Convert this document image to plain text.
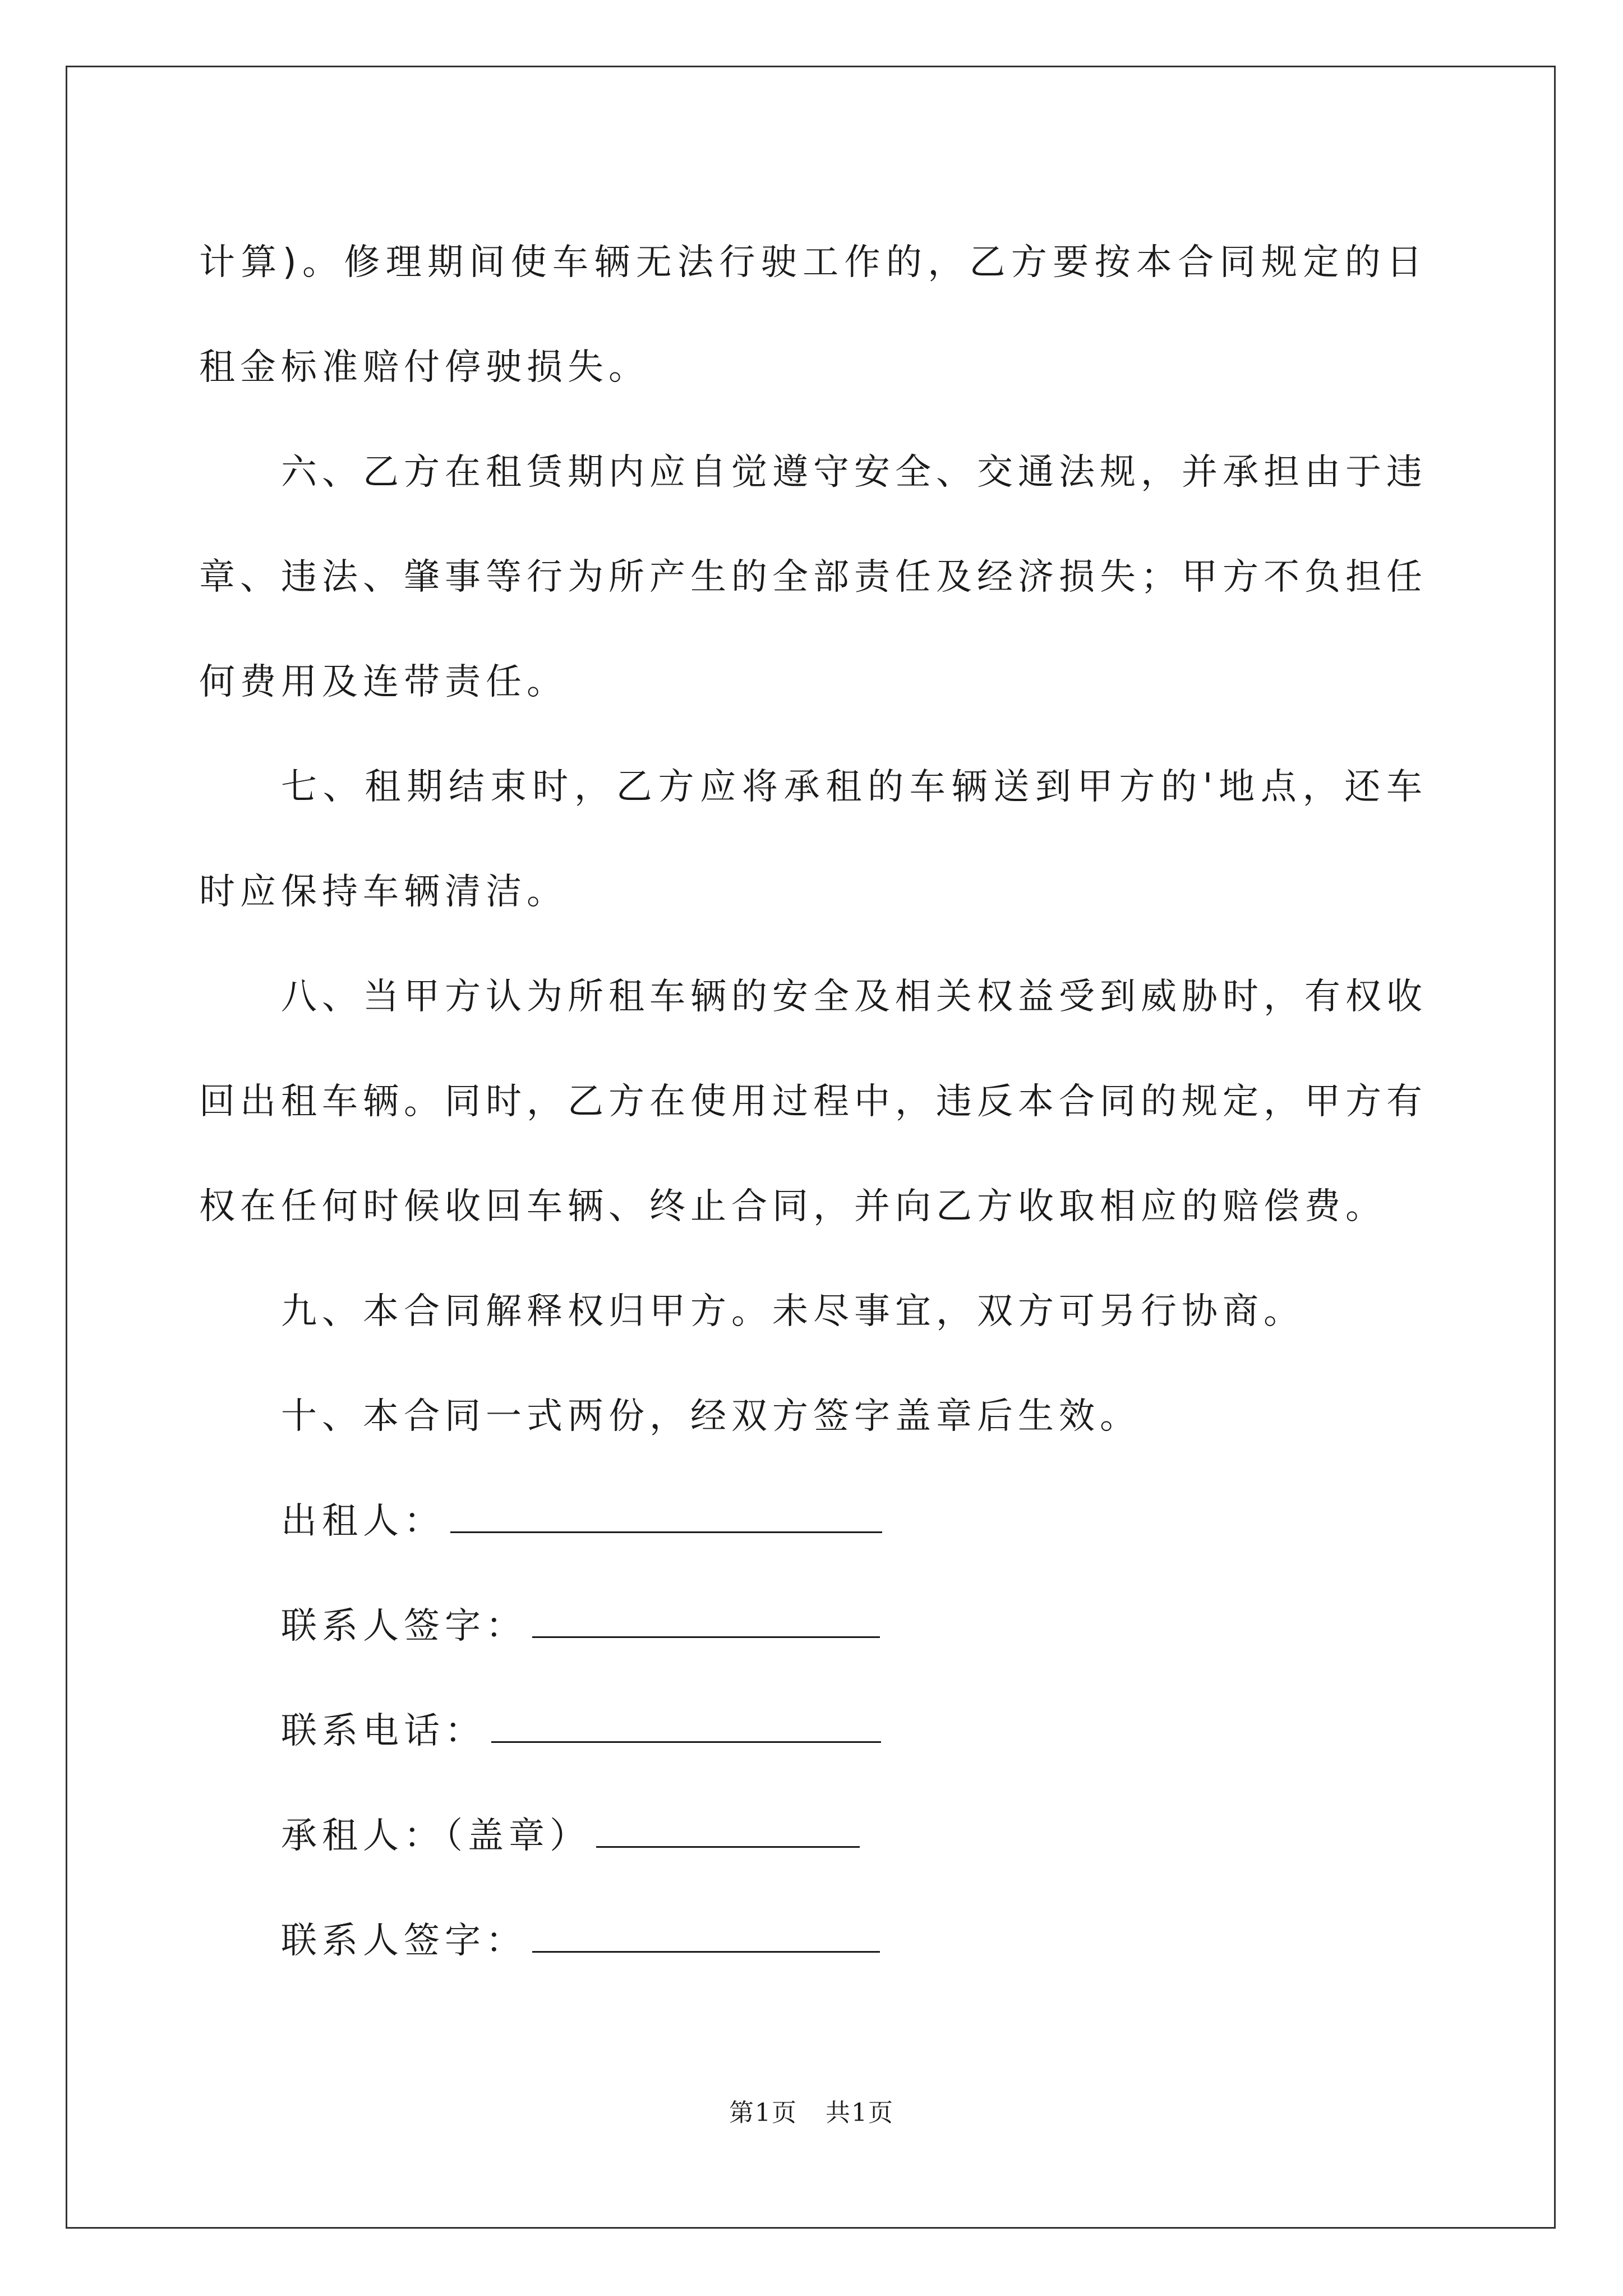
计算)。修理期间使车辆无法行驶工作的，乙方要按本合同规定的日租金标准赔付停驶损失。

六、乙方在租赁期内应自觉遵守安全、交通法规，并承担由于违章、违法、肇事等行为所产生的全部责任及经济损失；甲方不负担任何费用及连带责任。

七、租期结束时，乙方应将承租的车辆送到甲方的'地点，还车时应保持车辆清洁。

八、当甲方认为所租车辆的安全及相关权益受到威胁时，有权收回出租车辆。同时，乙方在使用过程中，违反本合同的规定，甲方有权在任何时候收回车辆、终止合同，并向乙方收取相应的赔偿费。

九、本合同解释权归甲方。未尽事宜，双方可另行协商。

十、本合同一式两份，经双方签字盖章后生效。

出租人：
联系人签字：
联系电话：
承租人：（盖章）
联系人签字：
第1页 共1页
